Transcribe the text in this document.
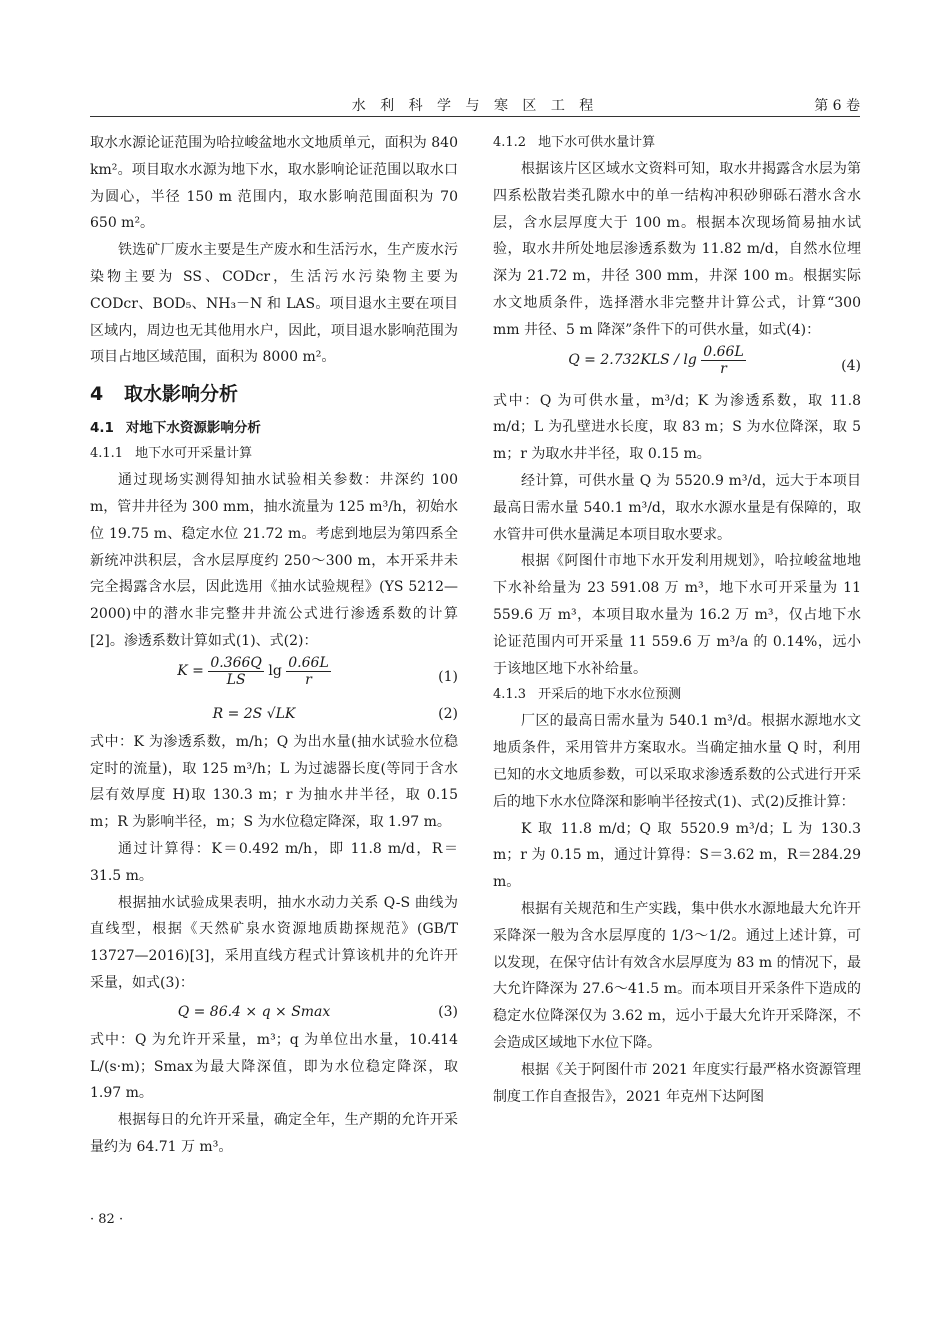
水 利 科 学 与 寒 区 工 程	第 6 卷

取水水源论证范围为哈拉峻盆地水文地质单元，面积为 840 km²。项目取水水源为地下水，取水影响论证范围以取水口为圆心，半径 150 m 范围内，取水影响范围面积为 70 650 m²。

铁选矿厂废水主要是生产废水和生活污水，生产废水污染物主要为 SS、CODcr，生活污水污染物主要为 CODcr、BOD₅、NH₃－N 和 LAS。项目退水主要在项目区域内，周边也无其他用水户，因此，项目退水影响范围为项目占地区域范围，面积为 8000 m²。

4 取水影响分析
4.1 对地下水资源影响分析
4.1.1 地下水可开采量计算

通过现场实测得知抽水试验相关参数：井深约 100 m，管井井径为 300 mm，抽水流量为 125 m³/h，初始水位 19.75 m、稳定水位 21.72 m。考虑到地层为第四系全新统冲洪积层，含水层厚度约 250～300 m，本开采井未完全揭露含水层，因此选用《抽水试验规程》(YS 5212—2000)中的潜水非完整井井流公式进行渗透系数的计算[2]。渗透系数计算如式(1)、式(2)：

$K = \frac{0.366Q}{LS}$ $\lg \frac{0.66L}{r}$	(1)
R = 2S √LK	(2)

式中：K 为渗透系数，m/h；Q 为出水量(抽水试验水位稳定时的流量)，取 125 m³/h；L 为过滤器长度(等同于含水层有效厚度 H)取 130.3 m；r 为抽水井半径，取 0.15 m；R 为影响半径，m；S 为水位稳定降深，取 1.97 m。

通过计算得：K＝0.492 m/h，即 11.8 m/d，R＝31.5 m。

根据抽水试验成果表明，抽水水动力关系 Q-S 曲线为直线型，根据《天然矿泉水资源地质勘探规范》(GB/T 13727—2016)[3]，采用直线方程式计算该机井的允许开采量，如式(3)：

Q = 86.4 × q × Smax	(3)

式中：Q 为允许开采量，m³；q 为单位出水量，10.414 L/(s·m)；Smax为最大降深值，即为水位稳定降深，取 1.97 m。

根据每日的允许开采量，确定全年，生产期的允许开采量约为 64.71 万 m³。

4.1.2 地下水可供水量计算

根据该片区区域水文资料可知，取水井揭露含水层为第四系松散岩类孔隙水中的单一结构冲积砂卵砾石潜水含水层，含水层厚度大于 100 m。根据本次现场简易抽水试验，取水井所处地层渗透系数为 11.82 m/d，自然水位埋深为 21.72 m，井径 300 mm，井深 100 m。根据实际水文地质条件，选择潜水非完整井计算公式，计算“300 mm 井径、5 m 降深”条件下的可供水量，如式(4)：

$Q = 2.732KLS / \lg \frac{0.66L}{r}$	(4)

式中：Q 为可供水量，m³/d；K 为渗透系数，取 11.8 m/d；L 为孔壁进水长度，取 83 m；S 为水位降深，取 5 m；r 为取水井半径，取 0.15 m。

经计算，可供水量 Q 为 5520.9 m³/d，远大于本项目最高日需水量 540.1 m³/d，取水水源水量是有保障的，取水管井可供水量满足本项目取水要求。

根据《阿图什市地下水开发利用规划》，哈拉峻盆地地下水补给量为 23 591.08 万 m³，地下水可开采量为 11 559.6 万 m³，本项目取水量为 16.2 万 m³，仅占地下水论证范围内可开采量 11 559.6 万 m³/a 的 0.14%，远小于该地区地下水补给量。

4.1.3 开采后的地下水水位预测

厂区的最高日需水量为 540.1 m³/d。根据水源地水文地质条件，采用管井方案取水。当确定抽水量 Q 时，利用已知的水文地质参数，可以采取求渗透系数的公式进行开采后的地下水水位降深和影响半径按式(1)、式(2)反推计算：

K 取 11.8 m/d；Q 取 5520.9 m³/d；L 为 130.3 m；r 为 0.15 m，通过计算得：S＝3.62 m，R＝284.29 m。

根据有关规范和生产实践，集中供水水源地最大允许开采降深一般为含水层厚度的 1/3～1/2。通过上述计算，可以发现，在保守估计有效含水层厚度为 83 m 的情况下，最大允许降深为 27.6～41.5 m。而本项目开采条件下造成的稳定水位降深仅为 3.62 m，远小于最大允许开采降深，不会造成区域地下水位下降。

根据《关于阿图什市 2021 年度实行最严格水资源管理制度工作自查报告》，2021 年克州下达阿图

· 82 ·
